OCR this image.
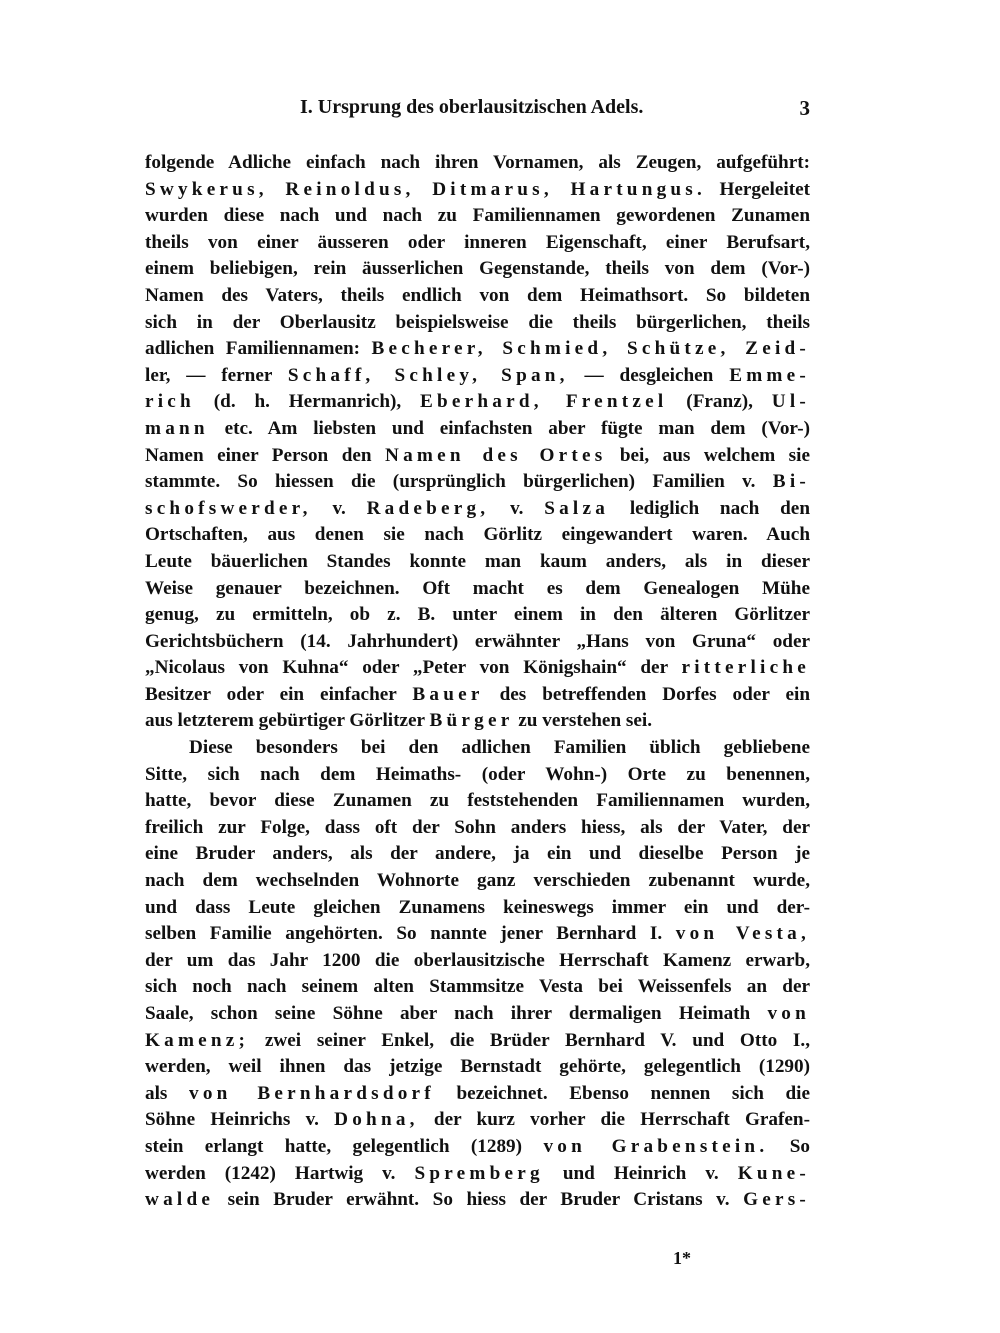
I. Ursprung des oberlausitzischen Adels.	3
folgende Adliche einfach nach ihren Vornamen, als Zeugen, aufgeführt:
Swykerus, Reinoldus, Ditmarus, Hartungus. Hergeleitet
wurden diese nach und nach zu Familiennamen gewordenen Zunamen
theils von einer äusseren oder inneren Eigenschaft, einer Berufsart,
einem beliebigen, rein äusserlichen Gegenstande, theils von dem (Vor-)
Namen des Vaters, theils endlich von dem Heimathsort. So bildeten
sich in der Oberlausitz beispielsweise die theils bürgerlichen, theils
adlichen Familiennamen: Becherer, Schmied, Schütze, Zeid-
ler, — ferner Schaff, Schley, Span, — desgleichen Emme-
rich (d. h. Hermanrich), Eberhard, Frentzel (Franz), Ul-
mann etc. Am liebsten und einfachsten aber fügte man dem (Vor-)
Namen einer Person den Namen des Ortes bei, aus welchem sie
stammte. So hiessen die (ursprünglich bürgerlichen) Familien v. Bi-
schofswerder, v. Radeberg, v. Salza lediglich nach den
Ortschaften, aus denen sie nach Görlitz eingewandert waren. Auch
Leute bäuerlichen Standes konnte man kaum anders, als in dieser
Weise genauer bezeichnen. Oft macht es dem Genealogen Mühe
genug, zu ermitteln, ob z. B. unter einem in den älteren Görlitzer
Gerichtsbüchern (14. Jahrhundert) erwähnter „Hans von Gruna“ oder
„Nicolaus von Kuhna“ oder „Peter von Königshain“ der ritterliche
Besitzer oder ein einfacher Bauer des betreffenden Dorfes oder ein
aus letzterem gebürtiger Görlitzer Bürger zu verstehen sei.
Diese besonders bei den adlichen Familien üblich gebliebene
Sitte, sich nach dem Heimaths- (oder Wohn-) Orte zu benennen,
hatte, bevor diese Zunamen zu feststehenden Familiennamen wurden,
freilich zur Folge, dass oft der Sohn anders hiess, als der Vater, der
eine Bruder anders, als der andere, ja ein und dieselbe Person je
nach dem wechselnden Wohnorte ganz verschieden zubenannt wurde,
und dass Leute gleichen Zunamens keineswegs immer ein und der-
selben Familie angehörten. So nannte jener Bernhard I. von Vesta,
der um das Jahr 1200 die oberlausitzische Herrschaft Kamenz erwarb,
sich noch nach seinem alten Stammsitze Vesta bei Weissenfels an der
Saale, schon seine Söhne aber nach ihrer dermaligen Heimath von
Kamenz; zwei seiner Enkel, die Brüder Bernhard V. und Otto I.,
werden, weil ihnen das jetzige Bernstadt gehörte, gelegentlich (1290)
als von Bernhardsdorf bezeichnet. Ebenso nennen sich die
Söhne Heinrichs v. Dohna, der kurz vorher die Herrschaft Grafen-
stein erlangt hatte, gelegentlich (1289) von Grabenstein. So
werden (1242) Hartwig v. Spremberg und Heinrich v. Kune-
walde sein Bruder erwähnt. So hiess der Bruder Cristans v. Gers-
1*
